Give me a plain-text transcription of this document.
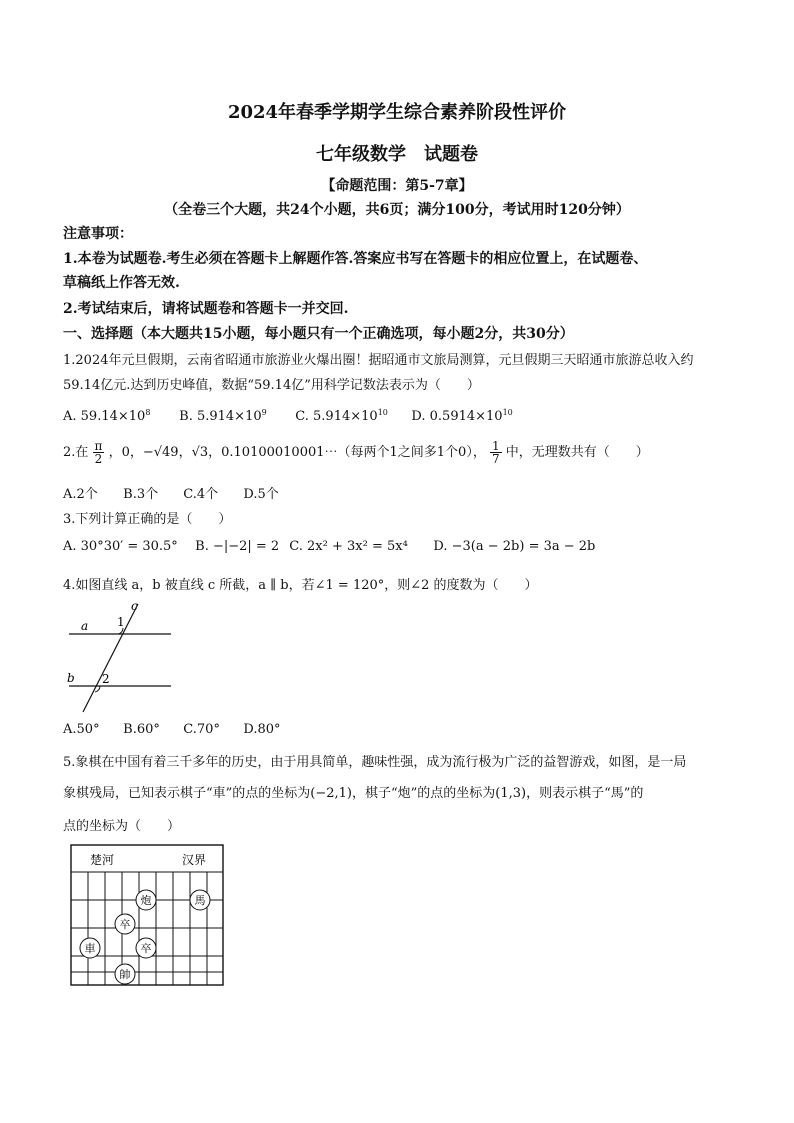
2024年春季学期学生综合素养阶段性评价
七年级数学　试题卷
【命题范围：第5-7章】
（全卷三个大题，共24个小题，共6页；满分100分，考试用时120分钟）
注意事项：
1.本卷为试题卷.考生必须在答题卡上解题作答.答案应书写在答题卡的相应位置上，在试题卷、
草稿纸上作答无效.
2.考试结束后，请将试题卷和答题卡一并交回.
一、选择题（本大题共15小题，每小题只有一个正确选项，每小题2分，共30分）
1.2024年元旦假期，云南省昭通市旅游业火爆出圈！据昭通市文旅局测算，元旦假期三天昭通市旅游总收入约
59.14亿元.达到历史峰值，数据“59.14亿”用科学记数法表示为（　　）
A. $59.14\times 10^8$ B. $5.914\times 10^9$ C. $5.914\times 10^{10}$ D. $0.5914\times 10^{10}$
2.在 $\frac{\pi}{2}$ ，0，−√49，√3，0.10100010001⋯（每两个1之间多1个0）， $\frac{1}{7}$ 中，无理数共有（　　）
A.2个 B.3个 C.4个 D.5个
3.下列计算正确的是（　　）
A. 30°30′ = 30.5° B. −|−2| = 2 C. 2x² + 3x² = 5x⁴ D. −3(a − 2b) = 3a − 2b
4.如图直线 a，b 被直线 c 所截，a ∥ b，若∠1 = 120°，则∠2 的度数为（　　）
a
b
c
1
2
A.50° B.60° C.70° D.80°
5.象棋在中国有着三千多年的历史，由于用具简单，趣味性强，成为流行极为广泛的益智游戏，如图，是一局
象棋残局，已知表示棋子“車”的点的坐标为(−2,1)，棋子“炮”的点的坐标为(1,3)，则表示棋子“馬”的
点的坐标为（　　）
楚河	汉界
炮	馬
卒
車	卒
帥
